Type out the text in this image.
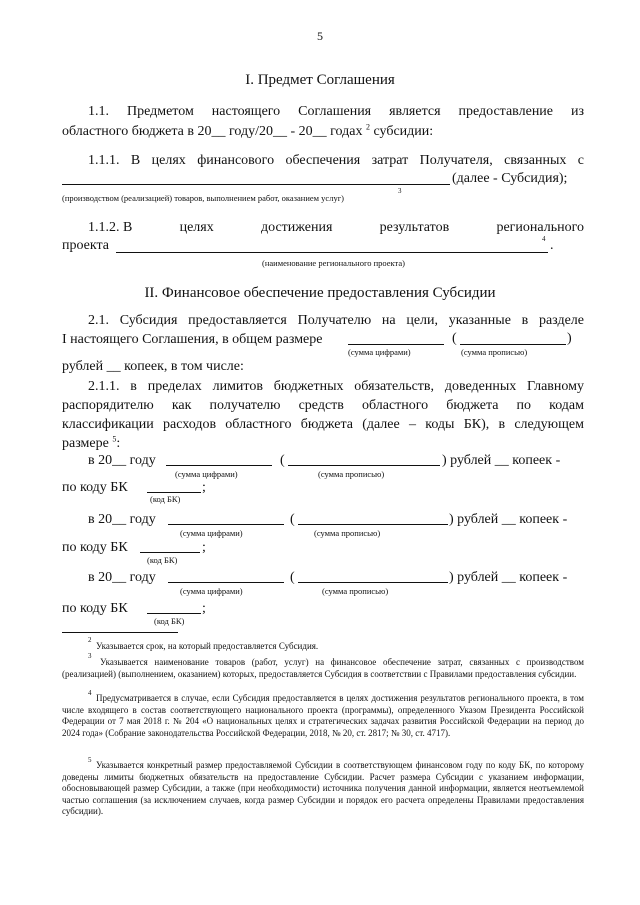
5
I. Предмет Соглашения
1.1. Предметом настоящего Соглашения является предоставление из
областного бюджета в 20__ году/20__ - 20__ годах $^2$ субсидии:
1.1.1. В целях финансового обеспечения затрат Получателя, связанных с
(далее - Субсидия);
(производством (реализацией) товаров, выполнением работ, оказанием услуг)
3
1.1.2. В	целях	достижения	результатов	регионального
проекта	4 .
(наименование регионального проекта)
II. Финансовое обеспечение предоставления Субсидии
2.1. Субсидия предоставляется Получателю на цели, указанные в разделе
I настоящего Соглашения, в общем размере	(	)
(сумма цифрами)	(сумма прописью)
рублей __ копеек, в том числе:
2.1.1. в пределах лимитов бюджетных обязательств, доведенных Главному
распорядителю как получателю средств областного бюджета по кодам
классификации расходов областного бюджета (далее – коды БК), в следующем
размере $^5$:
в 20__ году	(	) рублей __ копеек -
(сумма цифрами)	(сумма прописью)
по коду БК	;
(код БК)
в 20__ году	(	) рублей __ копеек -
(сумма цифрами)	(сумма прописью)
по коду БК	;
(код БК)
в 20__ году	(	) рублей __ копеек -
(сумма цифрами)	(сумма прописью)
по коду БК	;
(код БК)
2
Указывается срок, на который предоставляется Субсидия.
3
Указывается наименование товаров (работ, услуг) на финансовое обеспечение затрат, связанных с производством (реализацией) (выполнением, оказанием) которых, предоставляется Субсидия в соответствии с Правилами предоставления субсидии.
4 Предусматривается в случае, если Субсидия предоставляется в целях достижения результатов регионального проекта, в том числе входящего в состав соответствующего национального проекта (программы), определенного Указом Президента Российской Федерации от 7 мая 2018 г. № 204 «О национальных целях и стратегических задачах развития Российской Федерации на период до 2024 года» (Собрание законодательства Российской Федерации, 2018, № 20, ст. 2817; № 30, ст. 4717).
5 Указывается конкретный размер предоставляемой Субсидии в соответствующем финансовом году по коду БК, по которому доведены лимиты бюджетных обязательств на предоставление Субсидии. Расчет размера Субсидии с указанием информации, обосновывающей размер Субсидии, а также (при необходимости) источника получения данной информации, является неотъемлемой частью соглашения (за исключением случаев, когда размер Субсидии и порядок его расчета определены Правилами предоставления субсидии).
